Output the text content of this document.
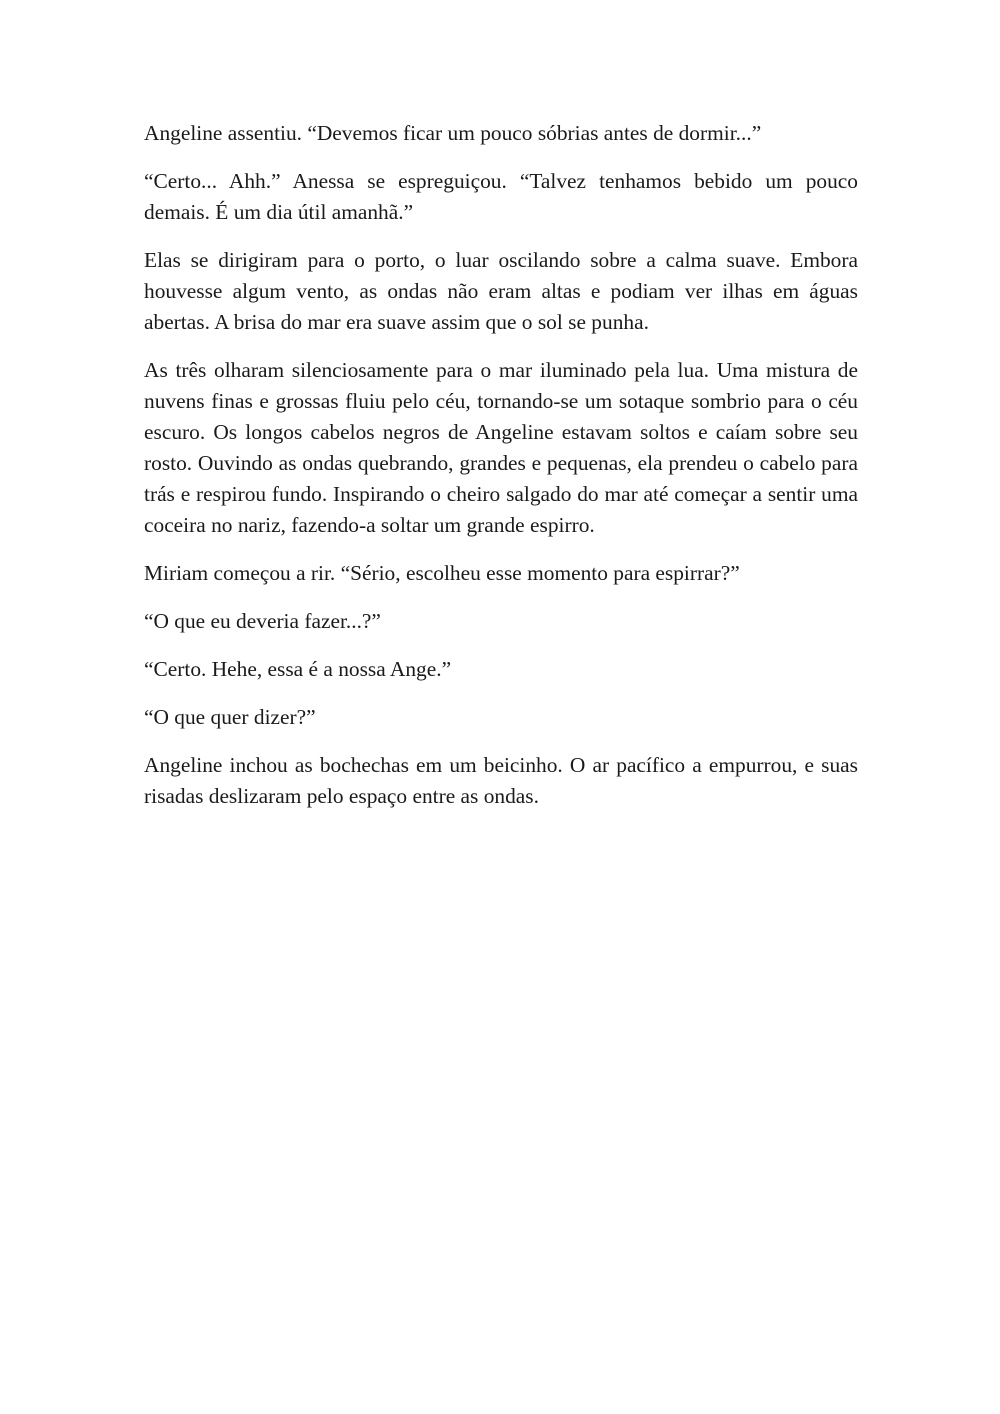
Angeline assentiu. “Devemos ficar um pouco sóbrias antes de dormir...”

“Certo... Ahh.” Anessa se espreguiçou. “Talvez tenhamos bebido um pouco demais. É um dia útil amanhã.”

Elas se dirigiram para o porto, o luar oscilando sobre a calma suave. Embora houvesse algum vento, as ondas não eram altas e podiam ver ilhas em águas abertas. A brisa do mar era suave assim que o sol se punha.

As três olharam silenciosamente para o mar iluminado pela lua. Uma mistura de nuvens finas e grossas fluiu pelo céu, tornando-se um sotaque sombrio para o céu escuro. Os longos cabelos negros de Angeline estavam soltos e caíam sobre seu rosto. Ouvindo as ondas quebrando, grandes e pequenas, ela prendeu o cabelo para trás e respirou fundo. Inspirando o cheiro salgado do mar até começar a sentir uma coceira no nariz, fazendo-a soltar um grande espirro.

Miriam começou a rir. “Sério, escolheu esse momento para espirrar?”

“O que eu deveria fazer...?”

“Certo. Hehe, essa é a nossa Ange.”

“O que quer dizer?”

Angeline inchou as bochechas em um beicinho. O ar pacífico a empurrou, e suas risadas deslizaram pelo espaço entre as ondas.
